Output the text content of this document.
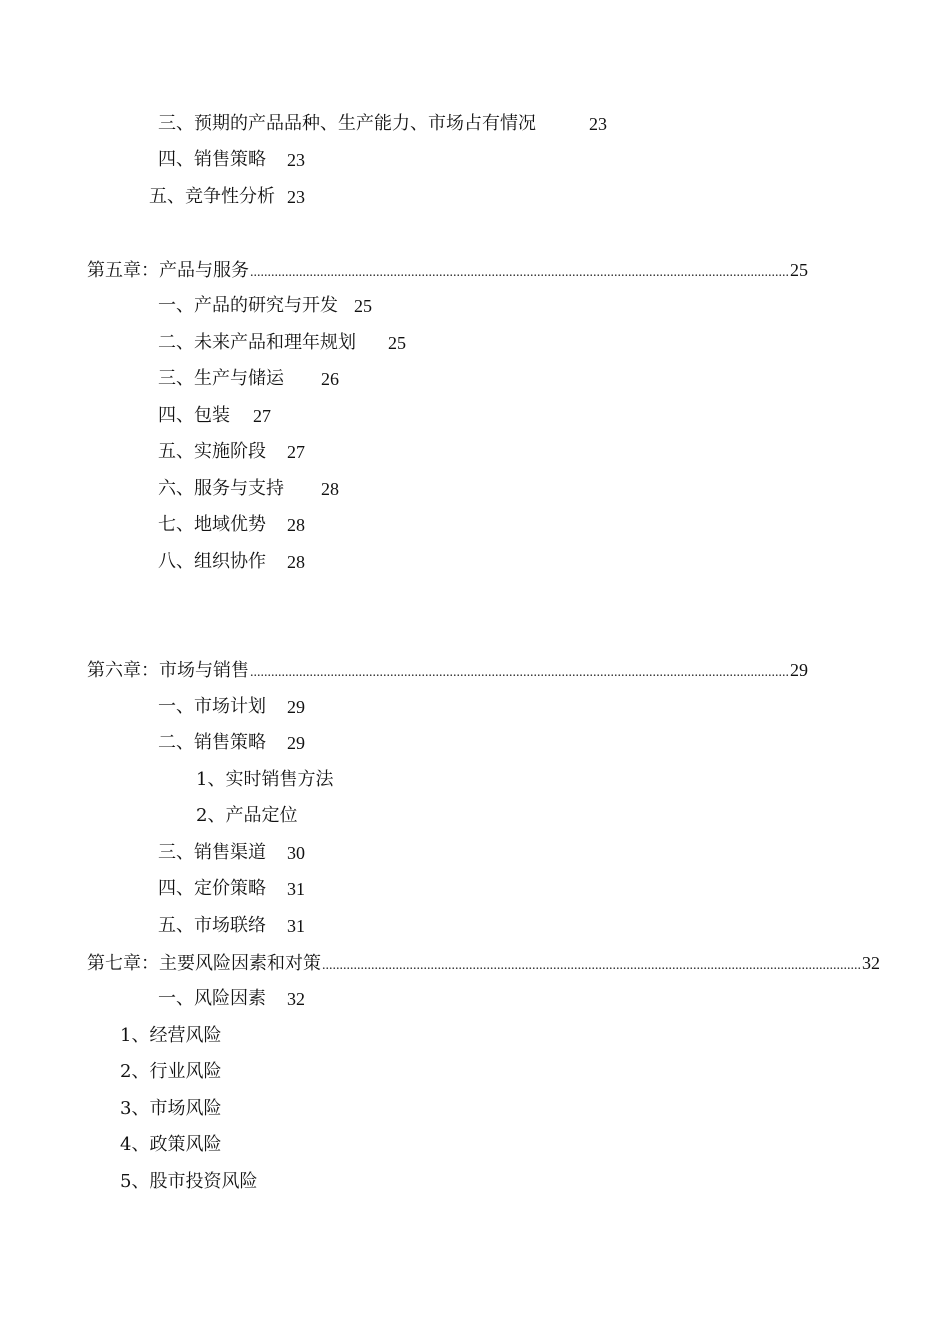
三、预期的产品品种、生产能力、市场占有情况	23
四、销售策略 23
五、竞争性分析 23
第五章：产品与服务 .......................................................................................................................................................... 25
一、产品的研究与开发 25
二、未来产品和理年规划 25
三、生产与储运 26
四、包装 27
五、实施阶段 27
六、服务与支持 28
七、地域优势 28
八、组织协作 28
第六章：市场与销售 .......................................................................................................................................................... 29
一、市场计划 29
二、销售策略 29
1、实时销售方法
2、产品定位
三、销售渠道 30
四、定价策略 31
五、市场联络 31
第七章：主要风险因素和对策 .......................................................................................................................................................... 32
一、风险因素 32
1、经营风险
2、行业风险
3、市场风险
4、政策风险
5、股市投资风险
